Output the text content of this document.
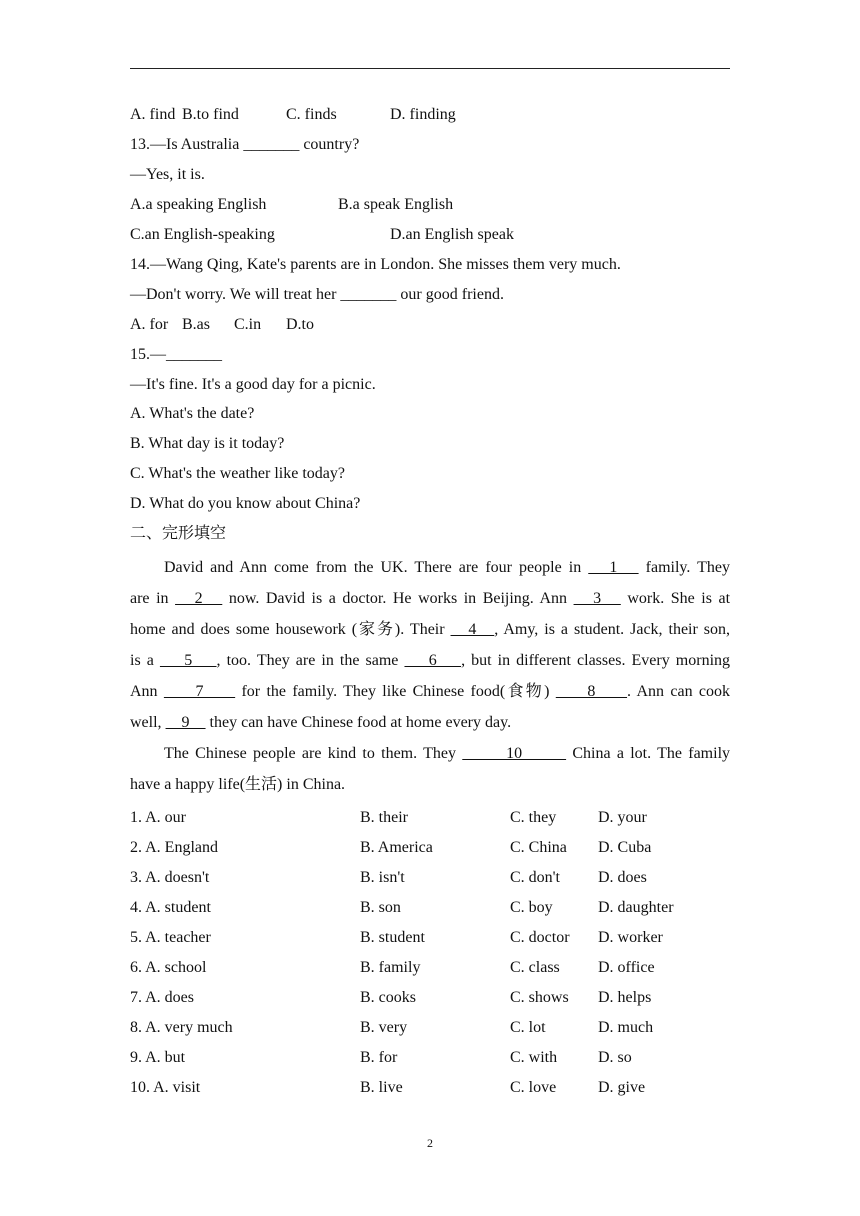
A. find B.to find	C. finds	D. finding
13.—Is Australia _______ country?
—Yes, it is.
A.a speaking English	B.a speak English
C.an English-speaking	D.an English speak
14.—Wang Qing, Kate's parents are in London. She misses them very much.
—Don't worry. We will treat her _______ our good friend.
A. for B.as C.in D.to
15.—_______
—It's fine. It's a good day for a picnic.
A. What's the date?
B. What day is it today?
C. What's the weather like today?
D. What do you know about China?
二、完形填空
David and Ann come from the UK. There are four people in    1    family. They
are in    2    now. David is a doctor. He works in Beijing. Ann    3    work. She is at
home and does some housework (家务). Their    4   , Amy, is a student. Jack, their son,
is a     5    , too. They are in the same     6    , but in different classes. Every morning
Ann      7      for the family. They like Chinese food(食物)      8     . Ann can cook
well,     9     they can have Chinese food at home every day.
The Chinese people are kind to them. They        10        China a lot. The family
have a happy life(生活) in China.
1. A. our	B. their	C. they	D. your
2. A. England	B. America	C. China D. Cuba
3. A. doesn't	B. isn't	C. don't D. does
4. A. student	B. son	C. boy	D. daughter
5. A. teacher	B. student	C. doctor D. worker
6. A. school	B. family	C. class D. office
7. A. does	B. cooks	C. shows D. helps
8. A. very much	B. very	C. lot	D. much
9. A. but	B. for	C. with	D. so
10. A. visit	B. live	C. love	D. give
2
